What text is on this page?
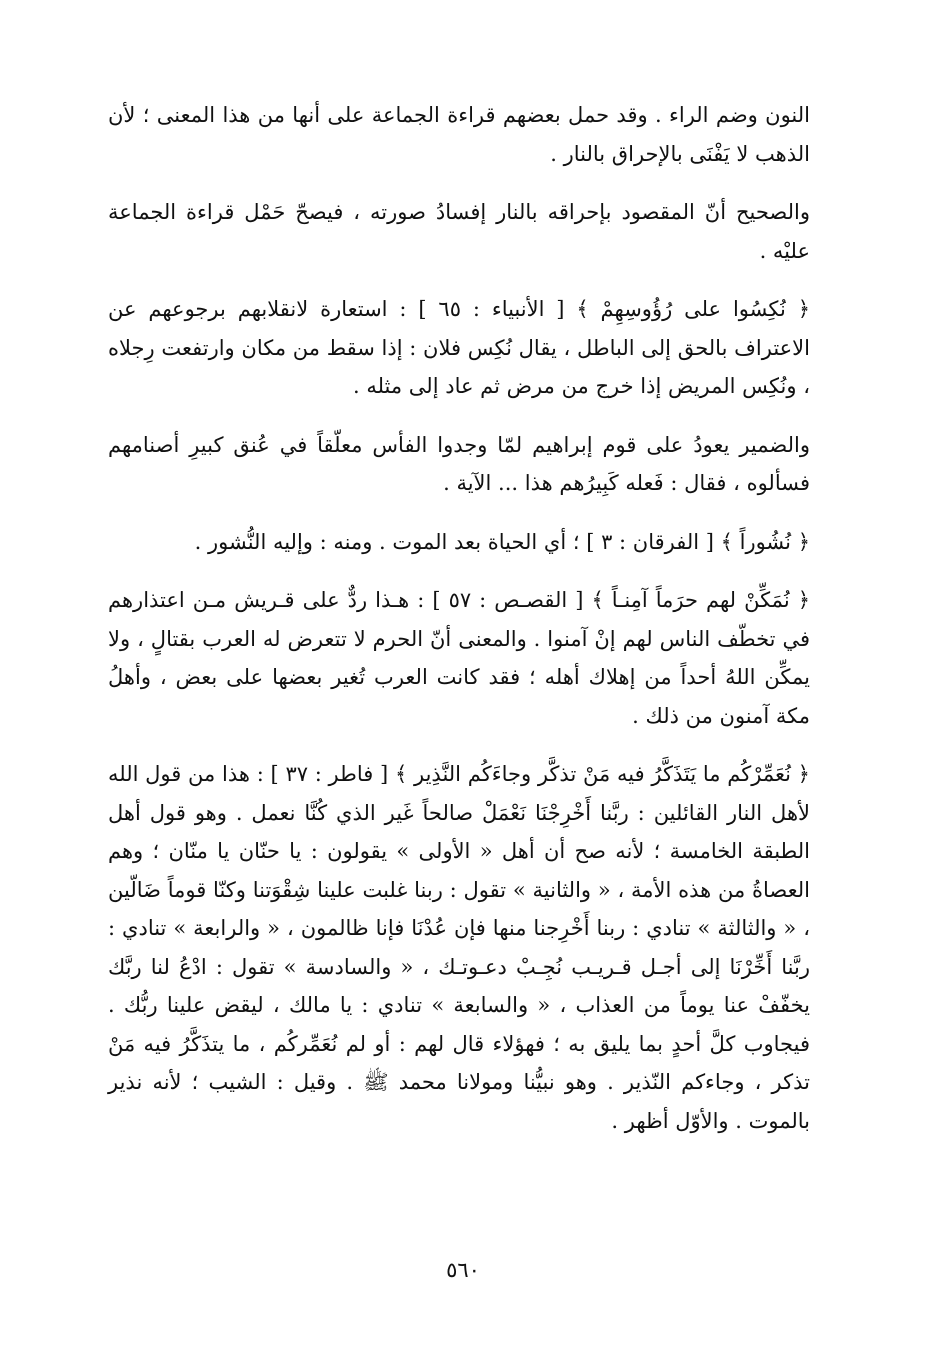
النون وضم الراء . وقد حمل بعضهم قراءة الجماعة على أنها من هذا المعنى ؛ لأن الذهب لا يَفْنَى بالإحراق بالنار .

والصحيح أنّ المقصود بإحراقه بالنار إفسادُ صورته ، فيصحّ حَمْل قراءة الجماعة عليْه .

﴿ نُكِسُوا على رُؤُوسِهِمْ ﴾ [ الأنبياء : ٦٥ ] : استعارة لانقلابهم برجوعهم عن الاعتراف بالحق إلى الباطل ، يقال نُكِس فلان : إذا سقط من مكان وارتفعت رِجلاه ، ونُكِس المريض إذا خرج من مرض ثم عاد إلى مثله .

والضمير يعودُ على قوم إبراهيم لمّا وجدوا الفأس معلّقاً في عُنق كبيرِ أصنامهم فسألوه ، فقال : فَعله كَبِيرُهم هذا ... الآية .

﴿ نُشُوراً ﴾ [ الفرقان : ٣ ] ؛ أي الحياة بعد الموت . ومنه : وإليه النُّشور .

﴿ نُمَكِّنْ لهم حرَماً آمِنـاً ﴾ [ القصـص : ٥٧ ] : هـذا ردٌّ على قـريش مـن اعتذارهم في تخطّف الناس لهم إنْ آمنوا . والمعنى أنّ الحرم لا تتعرض له العرب بقتالٍ ، ولا يمكِّن اللهُ أحداً من إهلاك أهله ؛ فقد كانت العرب تُغير بعضها على بعض ، وأهلُ مكة آمنون من ذلك .

﴿ نُعَمِّرْكُم ما يَتَذَكَّرُ فيه مَنْ تذكَّر وجاءَكُم النَّذِير ﴾ [ فاطر : ٣٧ ] : هذا من قول الله لأهل النار القائلين : ربَّنا أَخْرِجْنَا نَعْمَلْ صالحاً غَير الذي كُنَّا نعمل . وهو قول أهل الطبقة الخامسة ؛ لأنه صح أن أهل « الأولى » يقولون : يا حنّان يا منّان ؛ وهم العصاةُ من هذه الأمة ، « والثانية » تقول : ربنا غلبت علينا شِقْوَتنا وكنّا قوماً ضَالّين ، « والثالثة » تنادي : ربنا أَخْرِجنا منها فإن عُدْنَا فإنا ظالمون ، « والرابعة » تنادي : ربَّنا أَخِّرْنَا إلى أجـل قـريـب نُجِـبْ دعـوتـك ، « والسادسة » تقول : ادْعُ لنا ربَّك يخفّفْ عنا يوماً من العذاب ، « والسابعة » تنادي : يا مالك ، ليقض علينا ربُّك . فيجاوب كلَّ أحدٍ بما يليق به ؛ فهؤلاء قال لهم : أو لم نُعَمِّركُم ، ما يتذَكَّرُ فيه مَنْ تذكر ، وجاءكم النّذير . وهو نبيُّنا ومولانا محمد ﷺ . وقيل : الشيب ؛ لأنه نذير بالموت . والأوّل أظهر .

٥٦٠
